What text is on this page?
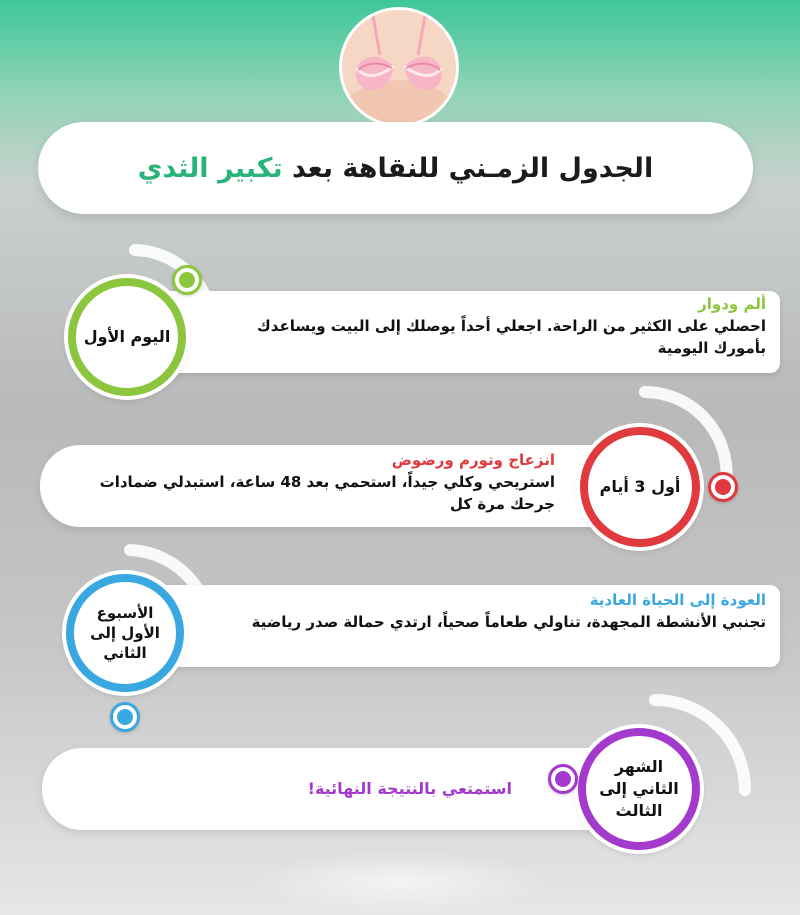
الجدول الزمـني للنقاهة بعد تكبير الثدي
ألم ودوار
احصلي على الكثير من الراحة. اجعلي أحداً يوصلك إلى البيت ويساعدك بأمورك اليومية
اليوم الأول
انزعاج وتورم ورضوض
استريحي وكلي جيداً، استحمي بعد 48 ساعة، استبدلي ضمادات جرحك مرة كل
أول 3 أيام
العودة إلى الحياة العادية
تجنبي الأنشطة المجهدة، تناولي طعاماً صحياً، ارتدي حمالة صدر رياضية
الأسبوع الأول إلى الثاني
استمتعي بالنتيجة النهائية!
الشهر الثاني إلى الثالث
